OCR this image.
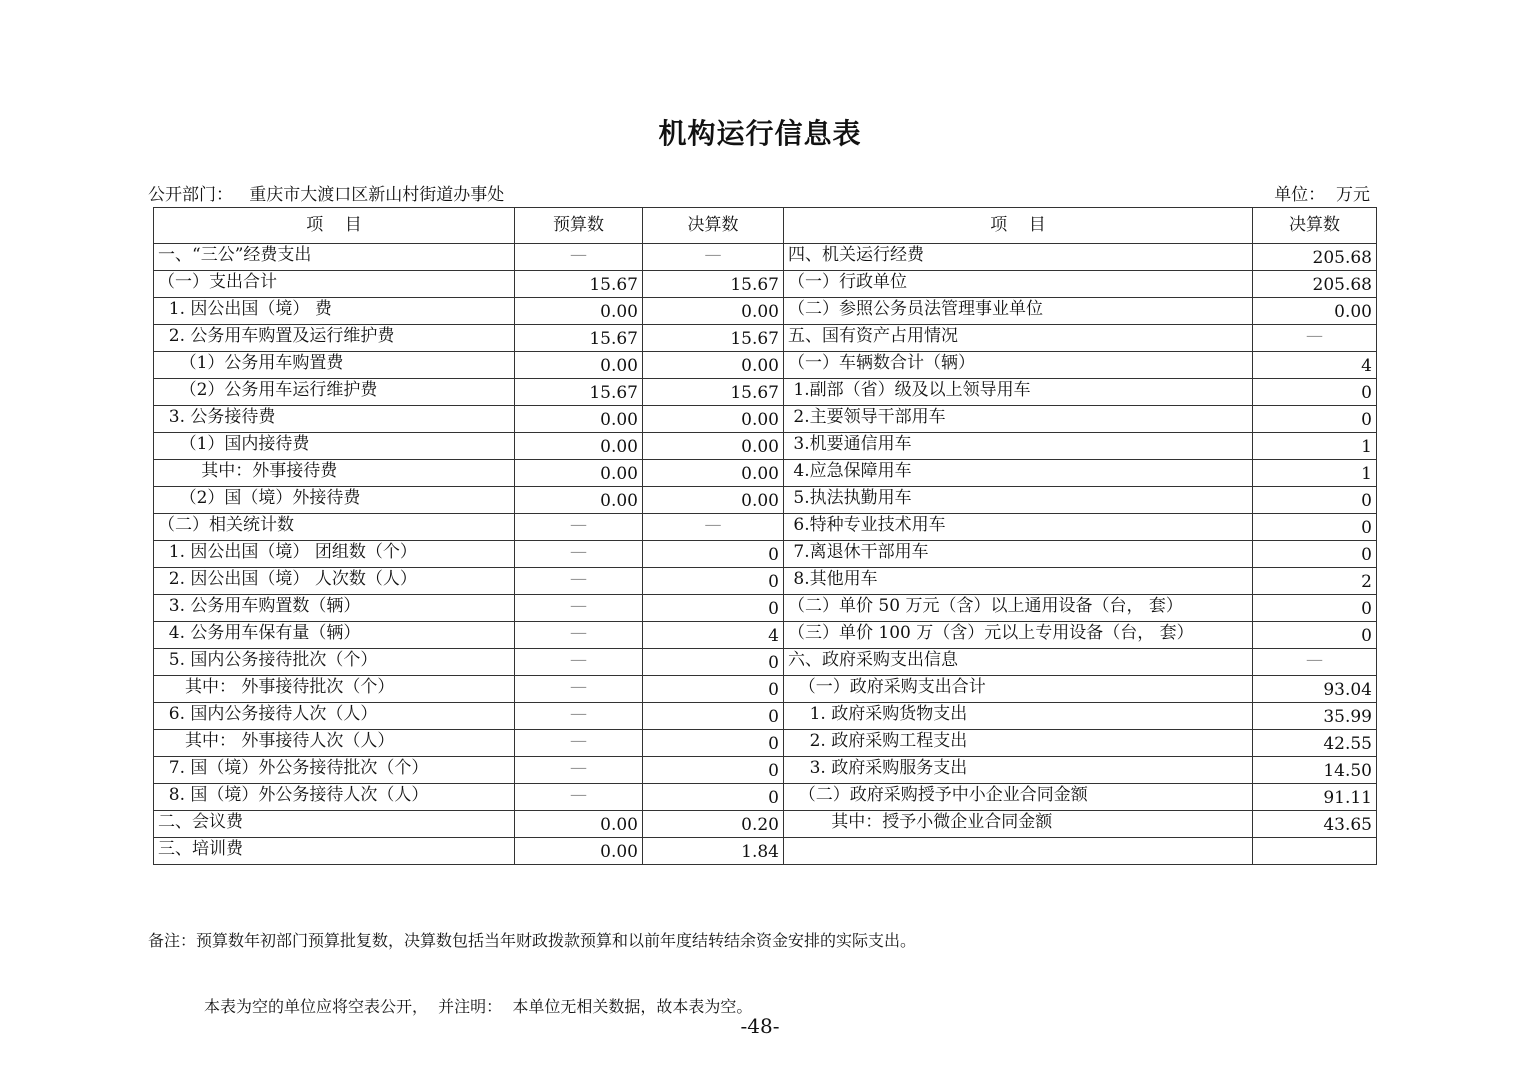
机构运行信息表
公开部门： 重庆市大渡口区新山村街道办事处	单位：  万元
项    目	预算数	决算数	项    目	决算数
一、“三公”经费支出	—	—	四、机关运行经费	205.68
（一）支出合计	15.67	15.67	（一）行政单位	205.68
1. 因公出国（境） 费	0.00	0.00	（二）参照公务员法管理事业单位	0.00
2. 公务用车购置及运行维护费	15.67	15.67	五、国有资产占用情况	—
（1）公务用车购置费	0.00	0.00	（一）车辆数合计（辆）	4
（2）公务用车运行维护费	15.67	15.67	1.副部（省）级及以上领导用车	0
3. 公务接待费	0.00	0.00	2.主要领导干部用车	0
（1）国内接待费	0.00	0.00	3.机要通信用车	1
其中：外事接待费	0.00	0.00	4.应急保障用车	1
（2）国（境）外接待费	0.00	0.00	5.执法执勤用车	0
（二）相关统计数	—	—	6.特种专业技术用车	0
1. 因公出国（境） 团组数（个）	—	0	7.离退休干部用车	0
2. 因公出国（境） 人次数（人）	—	0	8.其他用车	2
3. 公务用车购置数（辆）	—	0	（二）单价 50 万元（含）以上通用设备（台， 套）	0
4. 公务用车保有量（辆）	—	4	（三）单价 100 万（含）元以上专用设备（台， 套）	0
5. 国内公务接待批次（个）	—	0	六、政府采购支出信息	—
其中： 外事接待批次（个）	—	0	（一）政府采购支出合计	93.04
6. 国内公务接待人次（人）	—	0	1. 政府采购货物支出	35.99
其中： 外事接待人次（人）	—	0	2. 政府采购工程支出	42.55
7. 国（境）外公务接待批次（个）	—	0	3. 政府采购服务支出	14.50
8. 国（境）外公务接待人次（人）	—	0	（二）政府采购授予中小企业合同金额	91.11
二、会议费	0.00	0.20	其中：授予小微企业合同金额	43.65
三、培训费	0.00	1.84		

备注：预算数年初部门预算批复数，决算数包括当年财政拨款预算和以前年度结转结余资金安排的实际支出。

本表为空的单位应将空表公开，  并注明：  本单位无相关数据，故本表为空。

-48-
